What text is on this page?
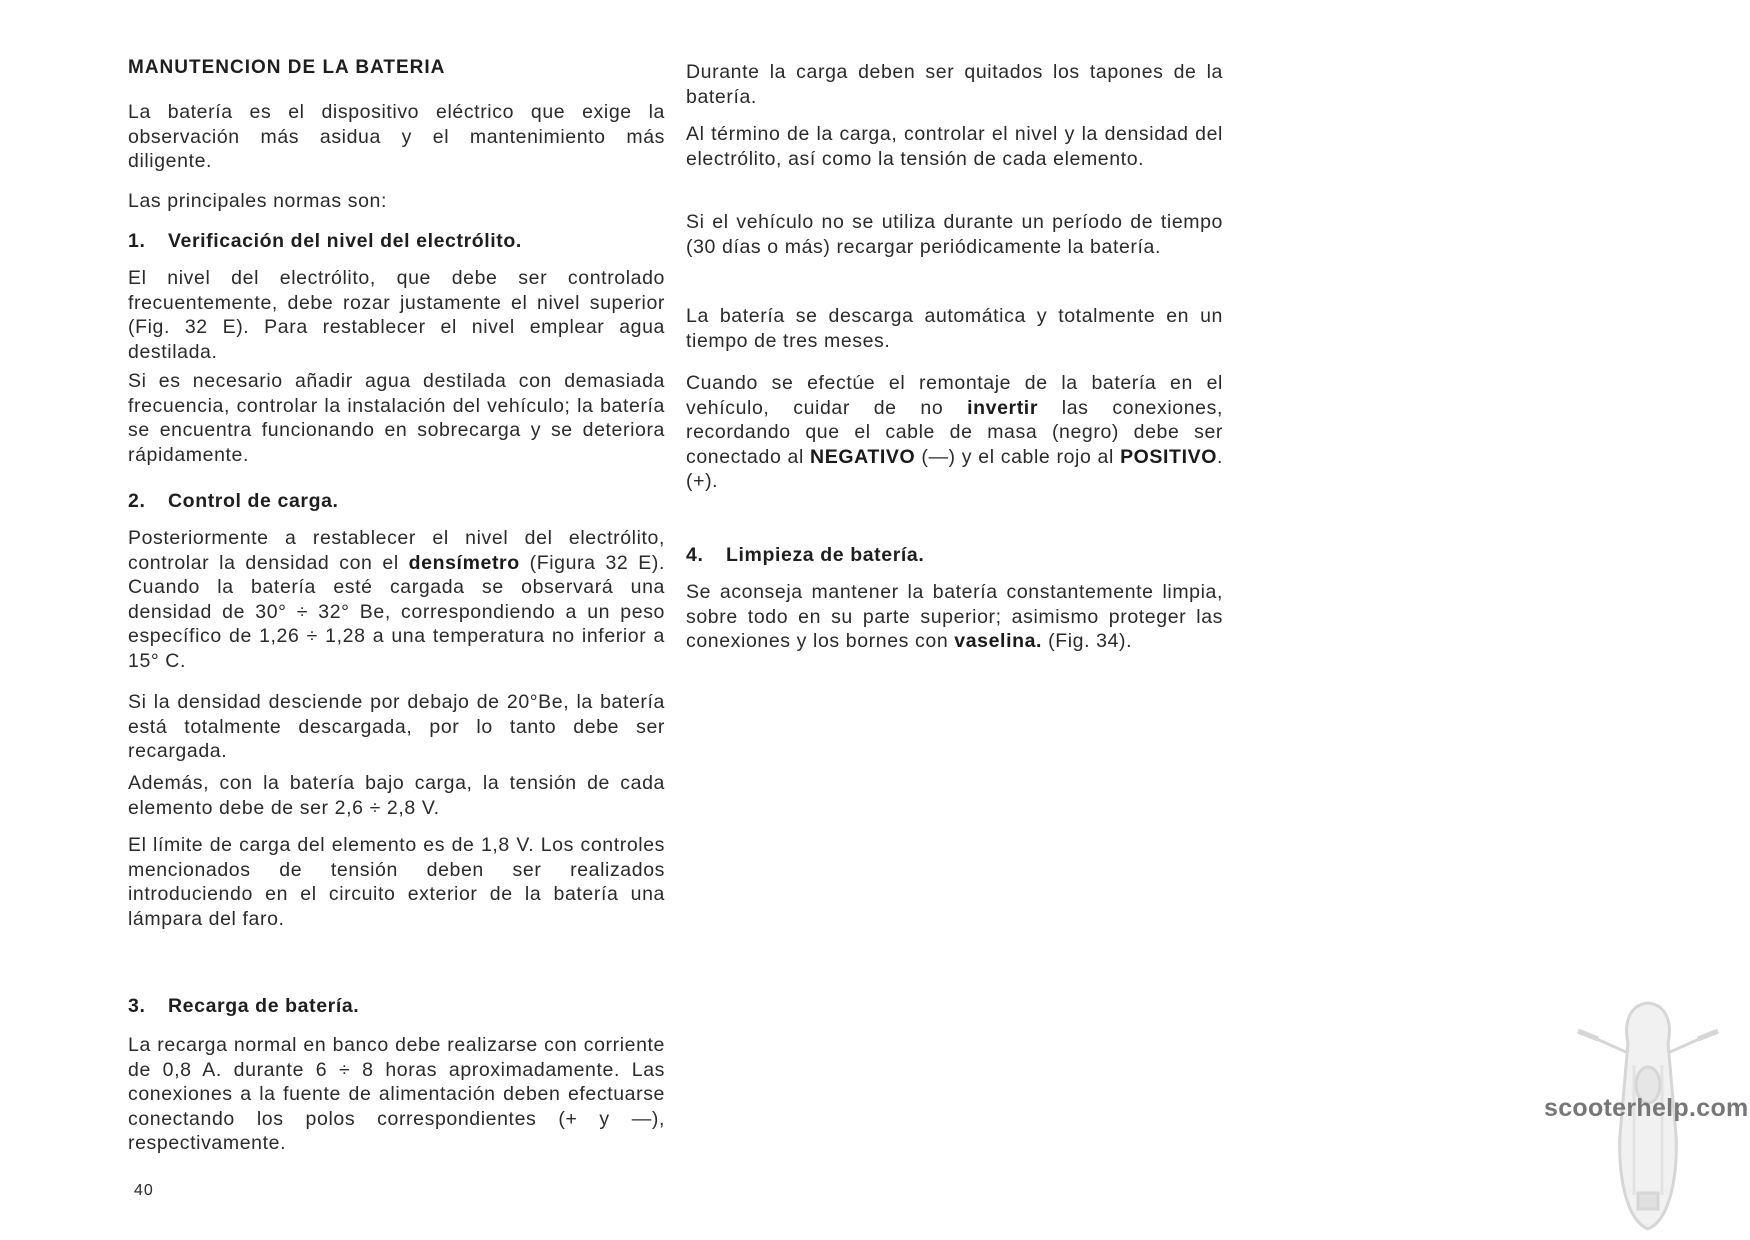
MANUTENCION DE LA BATERIA

La batería es el dispositivo eléctrico que exige la observación más asidua y el mantenimiento más diligente.

Las principales normas son:

1. Verificación del nivel del electrólito.

El nivel del electrólito, que debe ser controlado frecuentemente, debe rozar justamente el nivel superior (Fig. 32 E). Para restablecer el nivel emplear agua destilada.

Si es necesario añadir agua destilada con demasiada frecuencia, controlar la instalación del vehículo; la batería se encuentra funcionando en sobrecarga y se deteriora rápidamente.

2. Control de carga.

Posteriormente a restablecer el nivel del electrólito, controlar la densidad con el densímetro (Figura 32 E). Cuando la batería esté cargada se observará una densidad de 30° ÷ 32° Be, correspondiendo a un peso específico de 1,26 ÷ 1,28 a una temperatura no inferior a 15° C.

Si la densidad desciende por debajo de 20°Be, la batería está totalmente descargada, por lo tanto debe ser recargada.

Además, con la batería bajo carga, la tensión de cada elemento debe de ser 2,6 ÷ 2,8 V.

El límite de carga del elemento es de 1,8 V. Los controles mencionados de tensión deben ser realizados introduciendo en el circuito exterior de la batería una lámpara del faro.

3. Recarga de batería.

La recarga normal en banco debe realizarse con corriente de 0,8 A. durante 6 ÷ 8 horas aproximadamente. Las conexiones a la fuente de alimentación deben efectuarse conectando los polos correspondientes (+ y —), respectivamente.

Durante la carga deben ser quitados los tapones de la batería.

Al término de la carga, controlar el nivel y la densidad del electrólito, así como la tensión de cada elemento.

Si el vehículo no se utiliza durante un período de tiempo (30 días o más) recargar periódicamente la batería.

La batería se descarga automática y totalmente en un tiempo de tres meses.

Cuando se efectúe el remontaje de la batería en el vehículo, cuidar de no invertir las conexiones, recordando que el cable de masa (negro) debe ser conectado al NEGATIVO (—) y el cable rojo al POSITIVO. (+).

4. Limpieza de batería.

Se aconseja mantener la batería constantemente limpia, sobre todo en su parte superior; asimismo proteger las conexiones y los bornes con vaselina. (Fig. 34).

40
scooterhelp.com
